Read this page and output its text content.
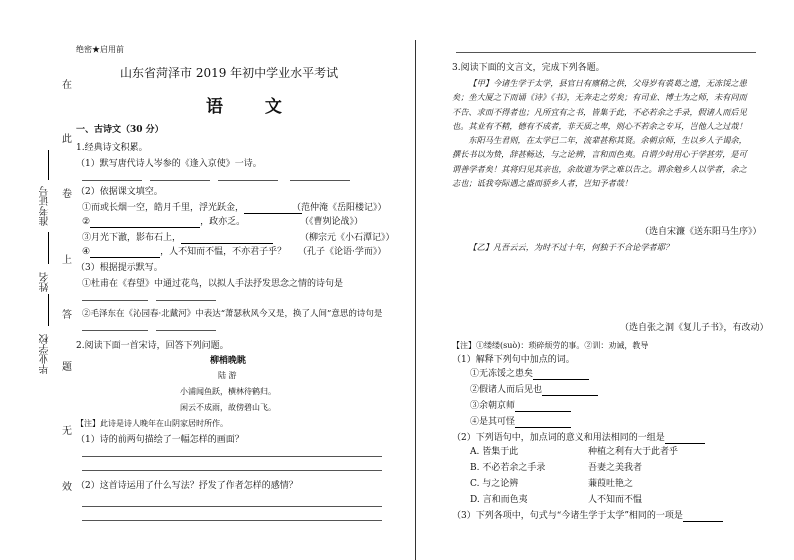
绝密★启用前
在
此
卷
上
答
题
无
效
准考证号
姓名
毕业学校
山东省菏泽市 2019 年初中学业水平考试
语 文
一、古诗文（30 分）
1.经典诗文积累。
（1）默写唐代诗人岑参的《逢入京使》一诗。
（2）依据课文填空。
①而或长烟一空，皓月千里，浮光跃金，	（范仲淹《岳阳楼记》）
②	，政亦乏。	（《曹刿论战》）
③月光下澈，影布石上，	（柳宗元《小石潭记》）
④	，人不知而不愠，不亦君子乎？ （孔子《论语·学而》）
（3）根据提示默写。
①杜甫在《春望》中通过花鸟，以拟人手法抒发思念之情的诗句是
②毛泽东在《沁园春·北戴河》中表达“萧瑟秋风今又是，换了人间”意思的诗句是
2.阅读下面一首宋诗，回答下列问题。
柳梢晚眺
陆 游
小浦闻鱼跃，横林待鹤归。
闲云不成雨，故傍碧山飞。
【注】此诗是诗人晚年在山阴家居时所作。
（1）诗的前两句描绘了一幅怎样的画面？
（2）这首诗运用了什么写法？抒发了作者怎样的感情？
3.阅读下面的文言文，完成下列各题。
【甲】今诸生学于太学，县官日有廪稍之供，父母岁有裘葛之遗，无冻馁之患矣；坐大厦之下而诵《诗》《书》，无奔走之劳矣；有司业、博士为之师，未有问而不告、求而不得者也；凡所宜有之书，皆集于此，不必若余之手录，假诸人而后见也。其业有不精，德有不成者，非天质之卑，则心不若余之专耳，岂他人之过哉！
东阳马生君则，在太学已二年，流辈甚称其贤。余朝京师，生以乡人子谒余，撰长书以为贽，辞甚畅达，与之论辨，言和而色夷。自谓少时用心于学甚劳，是可谓善学者矣！其将归见其亲也，余故道为学之难以告之。谓余勉乡人以学者，余之志也；诋我夸际遇之盛而骄乡人者，岂知予者哉！
（选自宋濂《送东阳马生序》）
【乙】凡吾云云，为时不过十年，何独于不合论学者耶？
（选自张之洞《复儿子书》，有改动）
【注】①缕缕(suò)：琐碎烦劳的事。②训：劝诫，教导
（1）解释下列句中加点的词。
①无冻馁之患矣
②假诸人而后见也
③余朝京师
④是其可怪
（2）下列语句中，加点词的意义和用法相同的一组是
A. 皆集于此	种植之利有大于此者乎
B. 不必若余之手录	吾妻之美我者
C. 与之论辨	蒹葭吐艳之
D. 言和而色夷	人不知而不愠
（3）下列各项中，句式与“今诸生学于太学”相同的一项是
